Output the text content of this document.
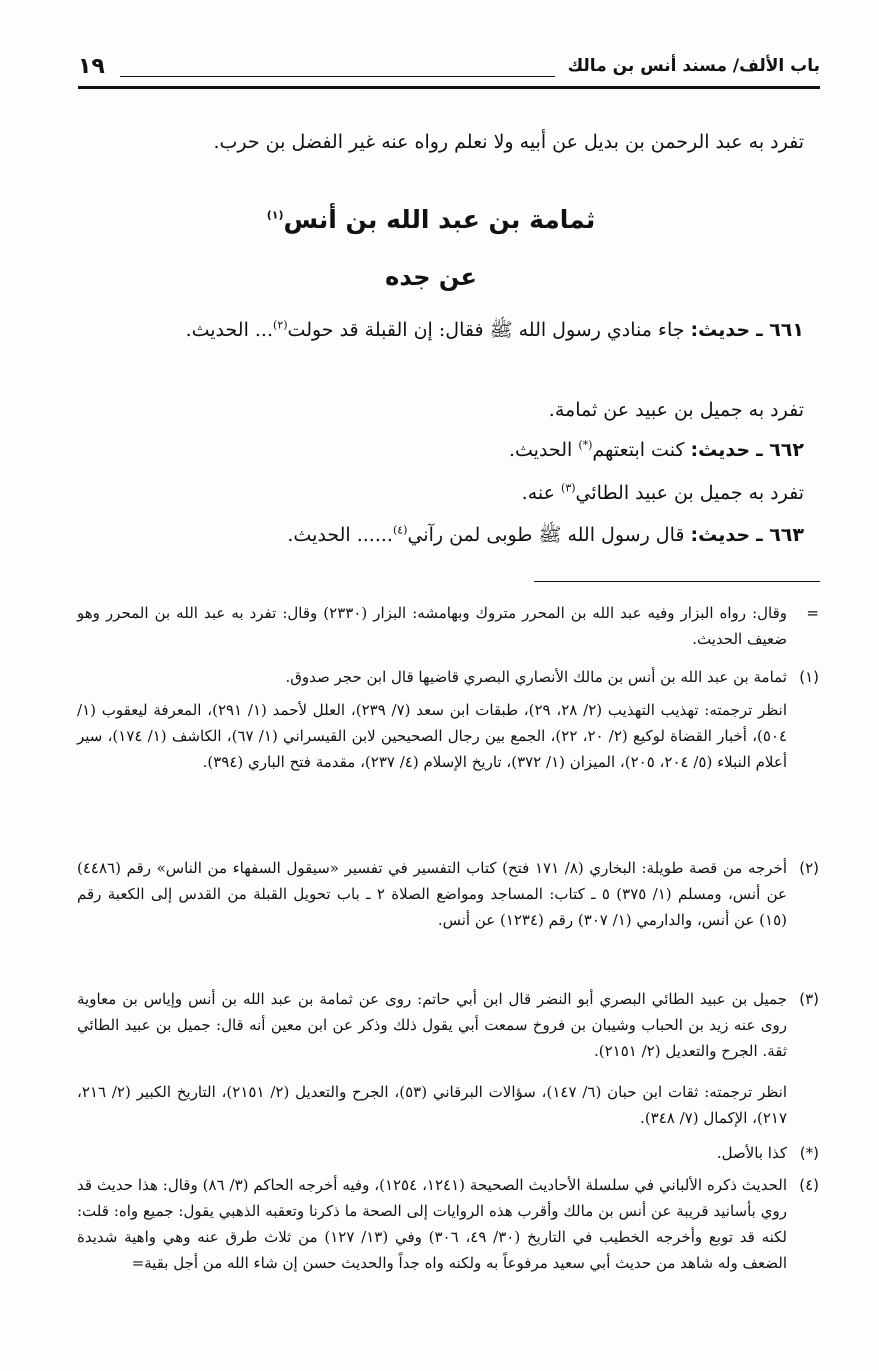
باب الألف/ مسند أنس بن مالك
١٩

تفرد به عبد الرحمن بن بديل عن أبيه ولا نعلم رواه عنه غير الفضل بن حرب.

ثمامة بن عبد الله بن أنس$^{(١)}$

عن جده

٦٦١ ـ حديث: جاء منادي رسول الله ﷺ فقال: إن القبلة قد حولت$^{(٢)}$... الحديث.

تفرد به جميل بن عبيد عن ثمامة.

٦٦٢ ـ حديث: كنت ابتعتهم(*) الحديث.

تفرد به جميل بن عبيد الطائي$^{(٣)}$ عنه.

٦٦٣ ـ حديث: قال رسول الله ﷺ طوبى لمن رآني$^{(٤)}$...... الحديث.

=
وقال: رواه البزار وفيه عبد الله بن المحرر متروك وبهامشه: البزار (٢٣٣٠) وقال: تفرد به عبد الله بن المحرر وهو ضعيف الحديث.
(١)
ثمامة بن عبد الله بن أنس بن مالك الأنصاري البصري قاضيها قال ابن حجر صدوق.
انظر ترجمته: تهذيب التهذيب (٢/ ٢٨، ٢٩)، طبقات ابن سعد (٧/ ٢٣٩)، العلل لأحمد (١/ ٢٩١)، المعرفة ليعقوب (١/ ٥٠٤)، أخبار القضاة لوكيع (٢/ ٢٠، ٢٢)، الجمع بين رجال الصحيحين لابن القيسراني (١/ ٦٧)، الكاشف (١/ ١٧٤)، سير أعلام النبلاء (٥/ ٢٠٤، ٢٠٥)، الميزان (١/ ٣٧٢)، تاريخ الإسلام (٤/ ٢٣٧)، مقدمة فتح الباري (٣٩٤).
(٢)
أخرجه من قصة طويلة: البخاري (٨/ ١٧١ فتح) كتاب التفسير في تفسير «سيقول السفهاء من الناس» رقم (٤٤٨٦) عن أنس، ومسلم (١/ ٣٧٥) ٥ ـ كتاب: المساجد ومواضع الصلاة ٢ ـ باب تحويل القبلة من القدس إلى الكعبة رقم (١٥) عن أنس، والدارمي (١/ ٣٠٧) رقم (١٢٣٤) عن أنس.
(٣)
جميل بن عبيد الطائي البصري أبو النضر قال ابن أبي حاتم: روى عن ثمامة بن عبد الله بن أنس وإياس بن معاوية روى عنه زيد بن الحباب وشيبان بن فروخ سمعت أبي يقول ذلك وذكر عن ابن معين أنه قال: جميل بن عبيد الطائي ثقة. الجرح والتعديل (٢/ ٢١٥١).
انظر ترجمته: ثقات ابن حبان (٦/ ١٤٧)، سؤالات البرقاني (٥٣)، الجرح والتعديل (٢/ ٢١٥١)، التاريخ الكبير (٢/ ٢١٦، ٢١٧)، الإكمال (٧/ ٣٤٨).
(*)
كذا بالأصل.
(٤)
الحديث ذكره الألباني في سلسلة الأحاديث الصحيحة (١٢٤١، ١٢٥٤)، وفيه أخرجه الحاكم (٣/ ٨٦) وقال: هذا حديث قد روي بأسانيد قريبة عن أنس بن مالك وأقرب هذه الروايات إلى الصحة ما ذكرنا وتعقبه الذهبي يقول: جميع واه: قلت: لكنه قد توبع وأخرجه الخطيب في التاريخ (٣٠/ ٤٩، ٣٠٦) وفي (١٣/ ١٢٧) من ثلاث طرق عنه وهي واهية شديدة الضعف وله شاهد من حديث أبي سعيد مرفوعاً به ولكنه واه جداً والحديث حسن إن شاء الله من أجل بقية=
